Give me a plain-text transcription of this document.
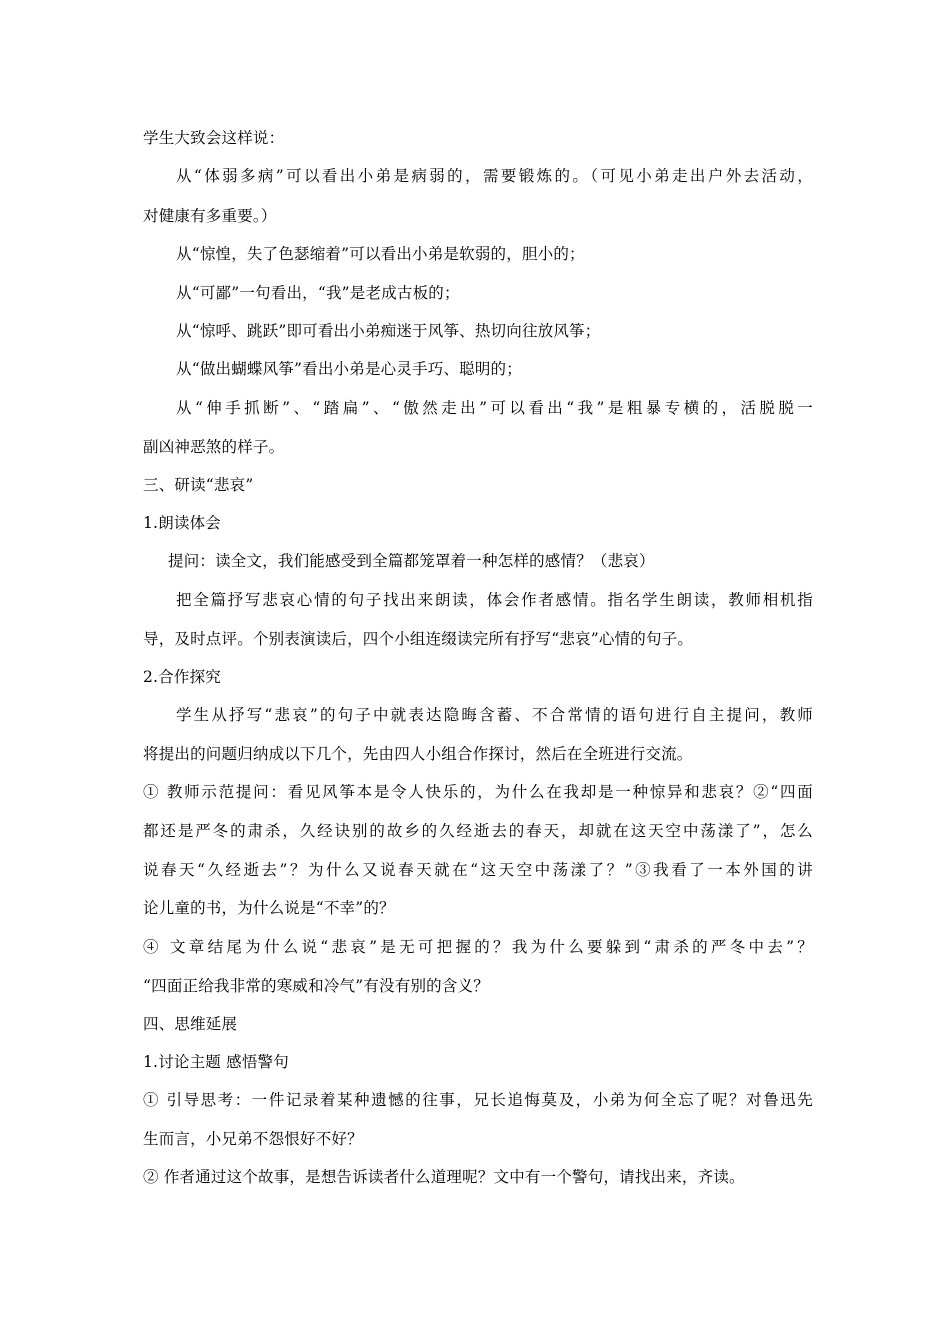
学生大致会这样说：
从“体弱多病”可以看出小弟是病弱的，需要锻炼的。（可见小弟走出户外去活动，
对健康有多重要。）
从“惊惶，失了色瑟缩着”可以看出小弟是软弱的，胆小的；
从“可鄙”一句看出，“我”是老成古板的；
从“惊呼、跳跃”即可看出小弟痴迷于风筝、热切向往放风筝；
从“做出蝴蝶风筝”看出小弟是心灵手巧、聪明的；
从“伸手抓断”、“踏扁”、“傲然走出”可以看出“我”是粗暴专横的，活脱脱一
副凶神恶煞的样子。
三、研读“悲哀”
1.朗读体会
提问：读全文，我们能感受到全篇都笼罩着一种怎样的感情？（悲哀）
把全篇抒写悲哀心情的句子找出来朗读，体会作者感情。指名学生朗读，教师相机指
导，及时点评。个别表演读后，四个小组连缀读完所有抒写“悲哀”心情的句子。
2.合作探究
学生从抒写“悲哀”的句子中就表达隐晦含蓄、不合常情的语句进行自主提问，教师
将提出的问题归纳成以下几个，先由四人小组合作探讨，然后在全班进行交流。
① 教师示范提问：看见风筝本是令人快乐的，为什么在我却是一种惊异和悲哀？②“四面
都还是严冬的肃杀，久经诀别的故乡的久经逝去的春天，却就在这天空中荡漾了”，怎么
说春天“久经逝去”？为什么又说春天就在“这天空中荡漾了？”③我看了一本外国的讲
论儿童的书，为什么说是“不幸”的？
④ 文章结尾为什么说“悲哀”是无可把握的？我为什么要躲到“肃杀的严冬中去”？
“四面正给我非常的寒威和冷气”有没有别的含义？
四、思维延展
1.讨论主题 感悟警句
① 引导思考：一件记录着某种遗憾的往事，兄长追悔莫及，小弟为何全忘了呢？对鲁迅先
生而言，小兄弟不怨恨好不好？
② 作者通过这个故事，是想告诉读者什么道理呢？文中有一个警句，请找出来，齐读。
